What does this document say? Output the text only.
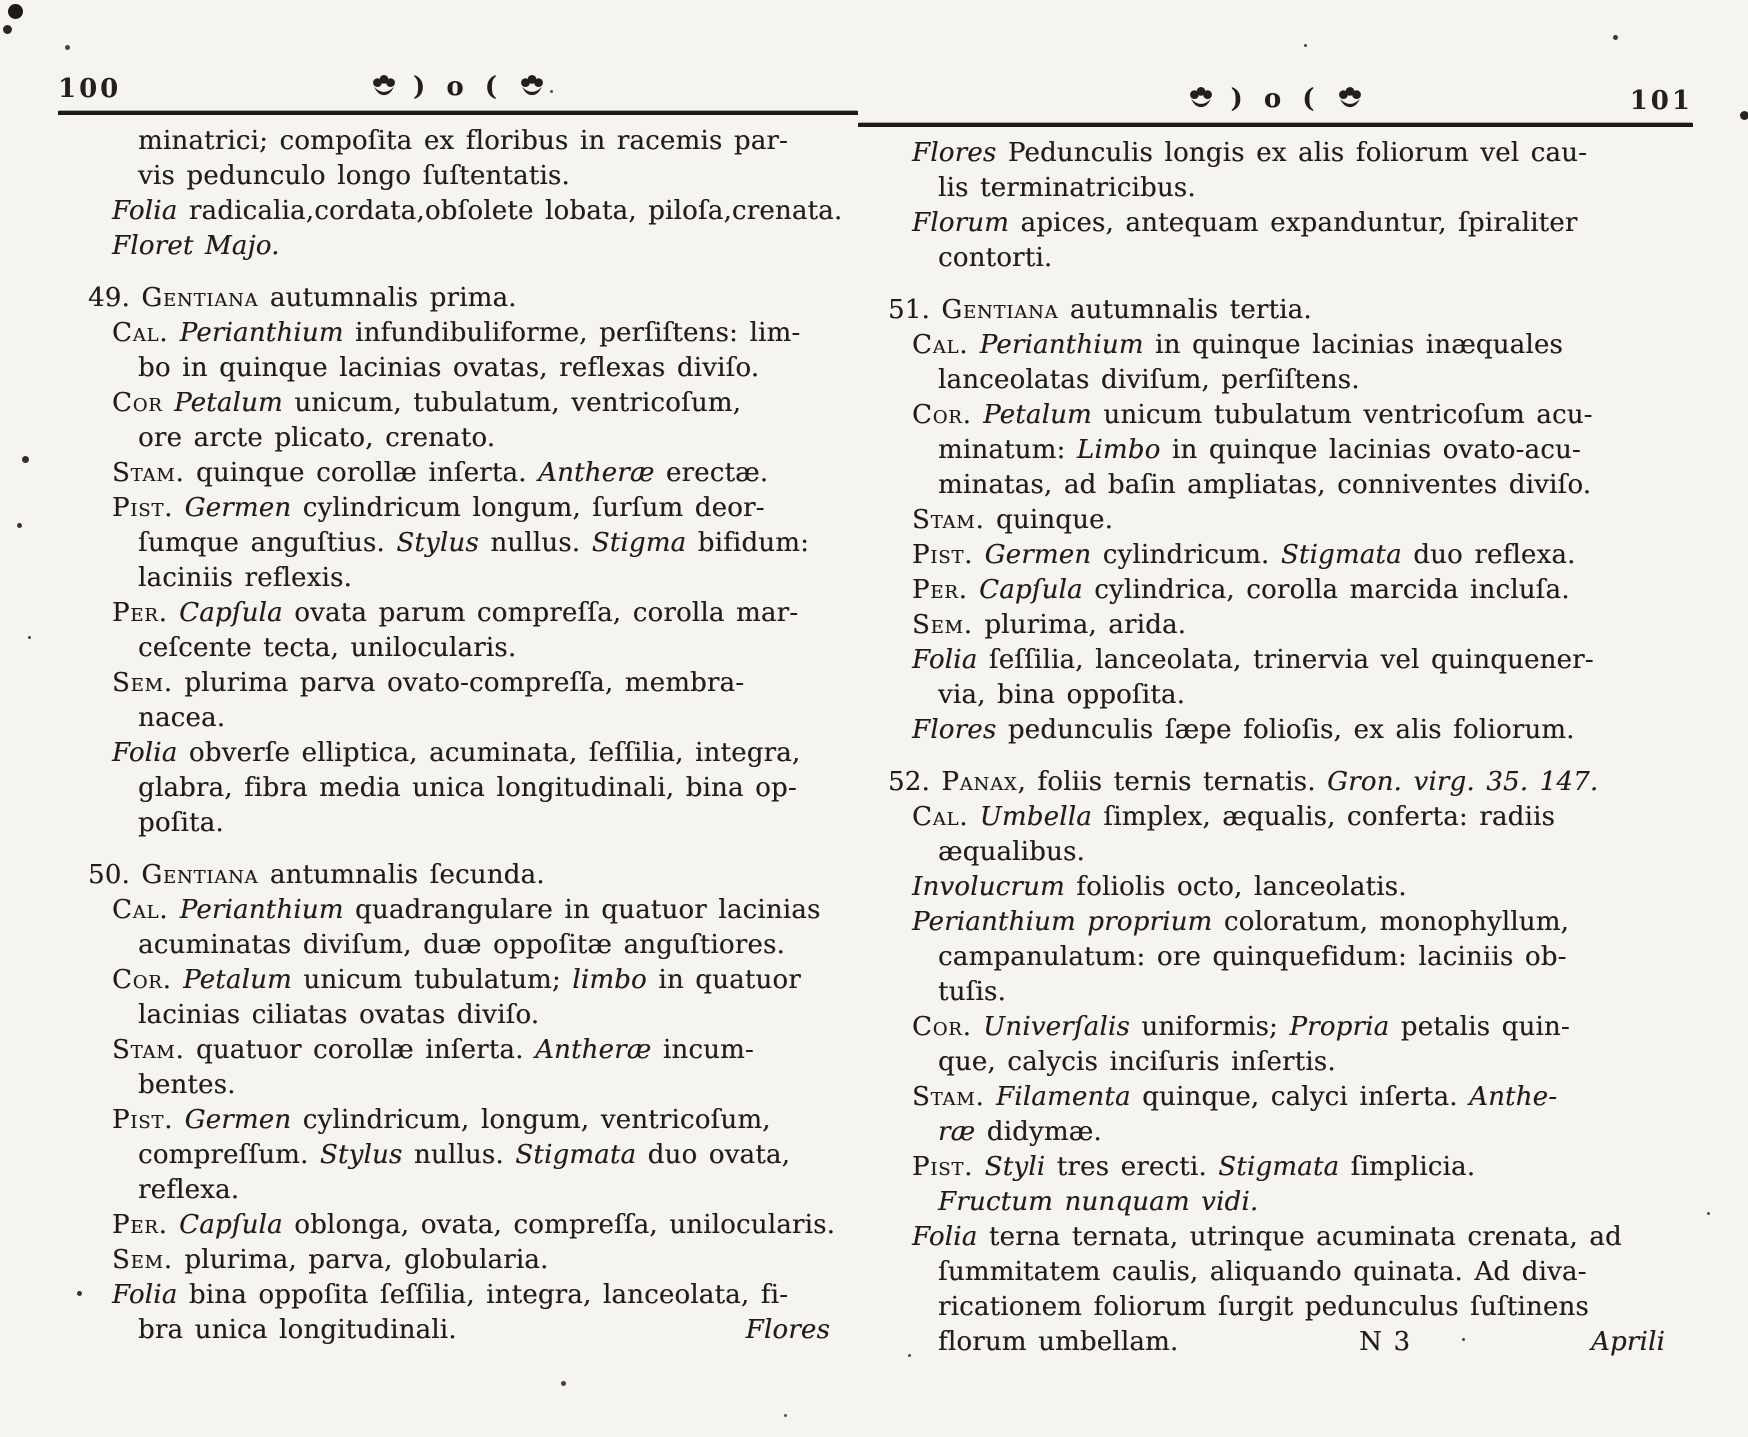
100	) o (
minatrici; compoſita ex floribus in racemis par-
vis pedunculo longo ſuſtentatis.
Folia radicalia,cordata,obſolete lobata, piloſa,crenata.
Floret Majo.
49. Gentiana autumnalis prima.
Cal. Perianthium infundibuliforme, perſiſtens: lim-
bo in quinque lacinias ovatas, reflexas diviſo.
Cor Petalum unicum, tubulatum, ventricoſum,
ore arcte plicato, crenato.
Stam. quinque corollæ inſerta. Antheræ erectæ.
Pist. Germen cylindricum longum, ſurſum deor-
ſumque anguſtius. Stylus nullus. Stigma bifidum:
laciniis reflexis.
Per. Capſula ovata parum compreſſa, corolla mar-
ceſcente tecta, unilocularis.
Sem. plurima parva ovato-compreſſa, membra-
nacea.
Folia obverſe elliptica, acuminata, ſeſſilia, integra,
glabra, fibra media unica longitudinali, bina op-
poſita.
50. Gentiana antumnalis ſecunda.
Cal. Perianthium quadrangulare in quatuor lacinias
acuminatas diviſum, duæ oppoſitæ anguſtiores.
Cor. Petalum unicum tubulatum; limbo in quatuor
lacinias ciliatas ovatas diviſo.
Stam. quatuor corollæ inſerta. Antheræ incum-
bentes.
Pist. Germen cylindricum, longum, ventricoſum,
compreſſum. Stylus nullus. Stigmata duo ovata,
reflexa.
Per. Capſula oblonga, ovata, compreſſa, unilocularis.
Sem. plurima, parva, globularia.
Folia bina oppoſita ſeſſilia, integra, lanceolata, fi-
bra unica longitudinali.	Flores
) o (	101
Flores Pedunculis longis ex alis foliorum vel cau-
lis terminatricibus.
Florum apices, antequam expanduntur, ſpiraliter
contorti.
51. Gentiana autumnalis tertia.
Cal. Perianthium in quinque lacinias inæquales
lanceolatas diviſum, perſiſtens.
Cor. Petalum unicum tubulatum ventricoſum acu-
minatum: Limbo in quinque lacinias ovato-acu-
minatas, ad baſin ampliatas, conniventes diviſo.
Stam. quinque.
Pist. Germen cylindricum. Stigmata duo reflexa.
Per. Capſula cylindrica, corolla marcida incluſa.
Sem. plurima, arida.
Folia ſeſſilia, lanceolata, trinervia vel quinquener-
via, bina oppoſita.
Flores pedunculis ſæpe folioſis, ex alis foliorum.
52. Panax, foliis ternis ternatis. Gron. virg. 35. 147.
Cal. Umbella ſimplex, æqualis, conferta: radiis
æqualibus.
Involucrum foliolis octo, lanceolatis.
Perianthium proprium coloratum, monophyllum,
campanulatum: ore quinquefidum: laciniis ob-
tuſis.
Cor. Univerſalis uniformis; Propria petalis quin-
que, calycis inciſuris inſertis.
Stam. Filamenta quinque, calyci inſerta. Anthe-
ræ didymæ.
Pist. Styli tres erecti. Stigmata ſimplicia.
Fructum nunquam vidi.
Folia terna ternata, utrinque acuminata crenata, ad
ſummitatem caulis, aliquando quinata. Ad diva-
ricationem foliorum ſurgit pedunculus ſuſtinens
florum umbellam.	N 3	Aprili
